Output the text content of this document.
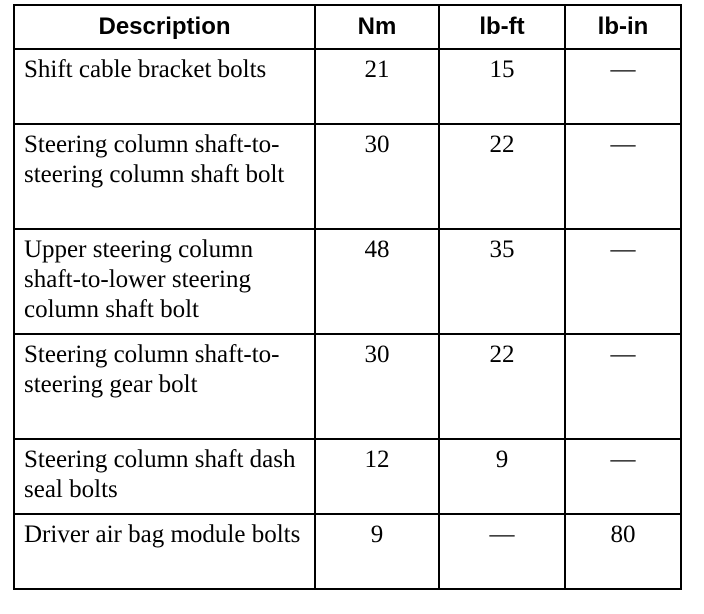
Description	Nm	lb-ft	lb-in
Shift cable bracket bolts	21	15	—
Steering column shaft-to-steering column shaft bolt	30	22	—
Upper steering column shaft-to-lower steering column shaft bolt	48	35	—
Steering column shaft-to-steering gear bolt	30	22	—
Steering column shaft dash seal bolts	12	9	—
Driver air bag module bolts	9	—	80
